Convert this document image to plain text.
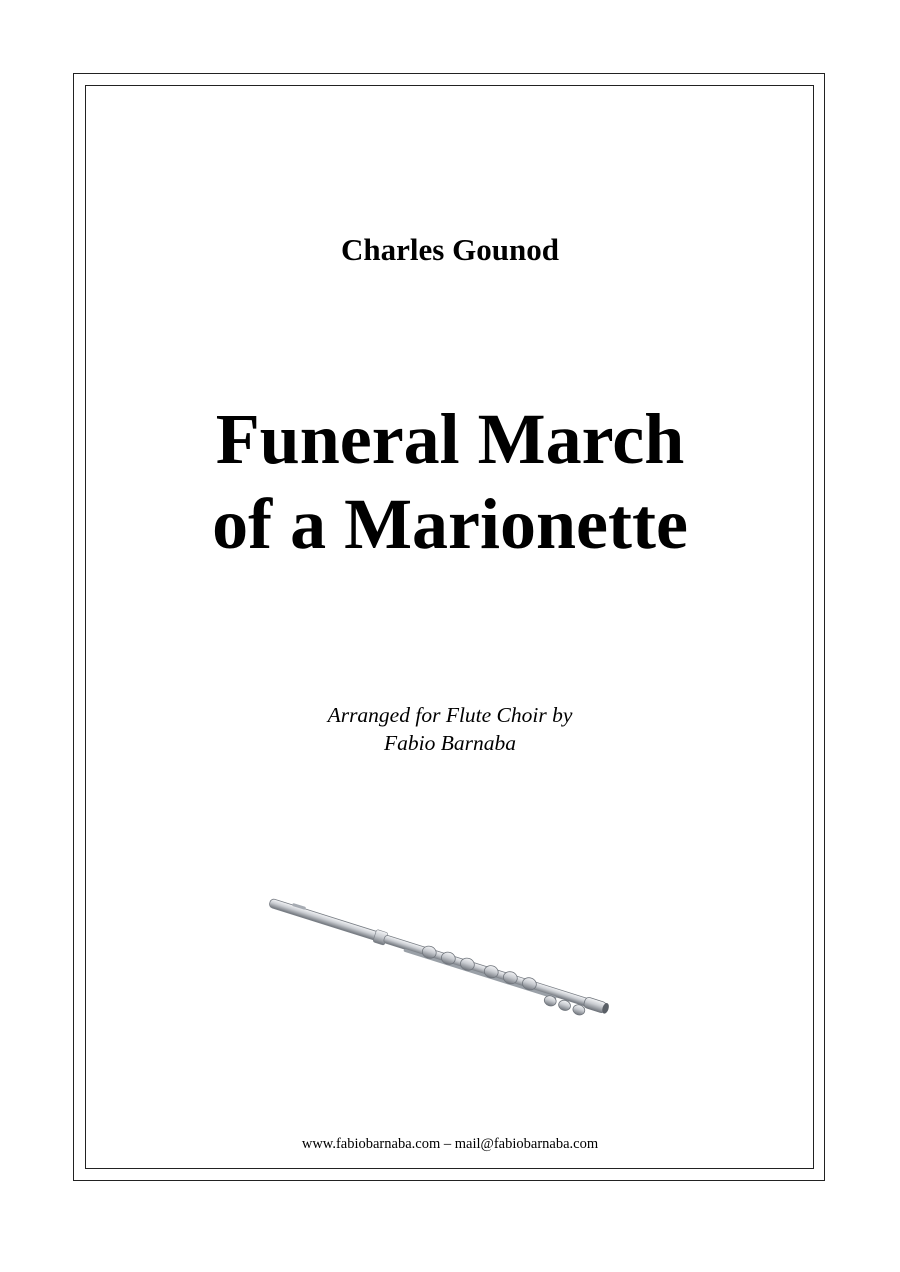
Charles Gounod
Funeral March
of a Marionette
Arranged for Flute Choir by
Fabio Barnaba
www.fabiobarnaba.com – mail@fabiobarnaba.com
